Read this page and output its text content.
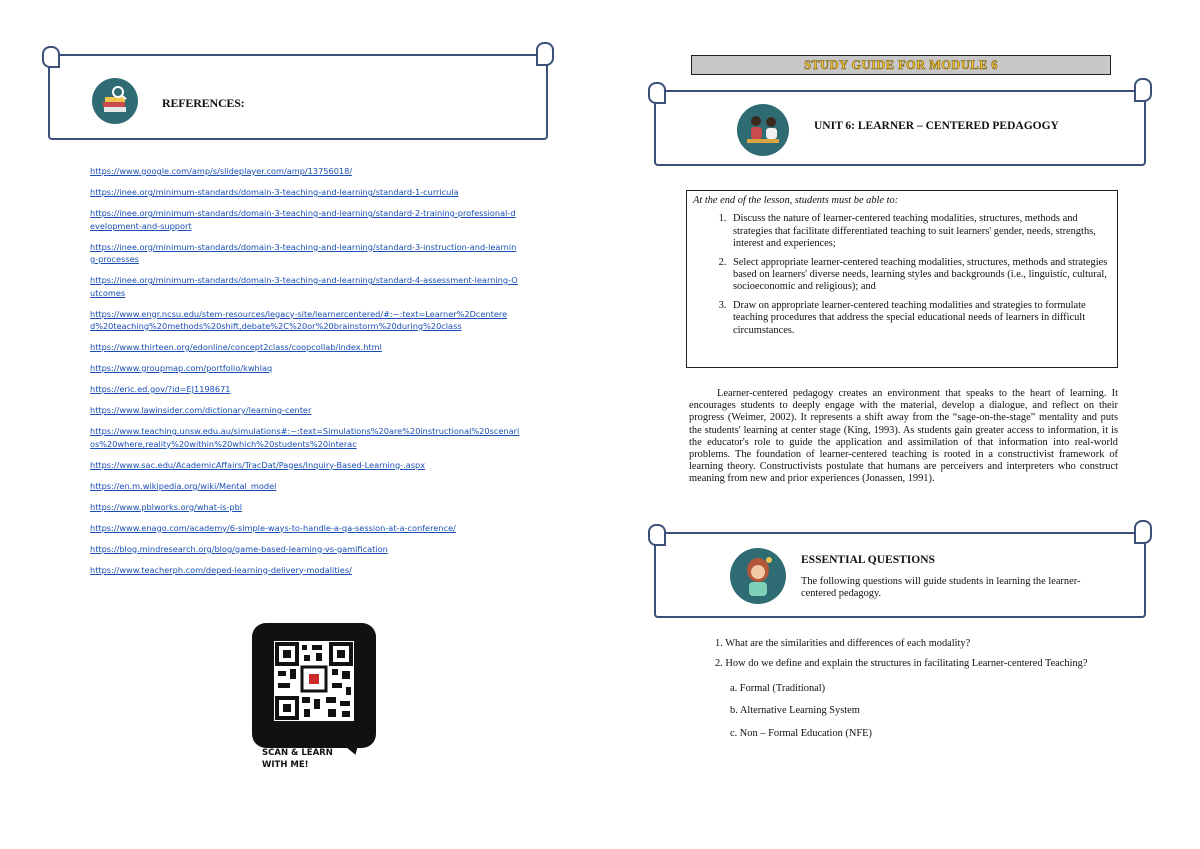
REFERENCES:
https://www.google.com/amp/s/slideplayer.com/amp/13756018/
https://inee.org/minimum-standards/domain-3-teaching-and-learning/standard-1-curricula
https://inee.org/minimum-standards/domain-3-teaching-and-learning/standard-2-training-professional-development-and-support
https://inee.org/minimum-standards/domain-3-teaching-and-learning/standard-3-instruction-and-learning-processes
https://inee.org/minimum-standards/domain-3-teaching-and-learning/standard-4-assessment-learning-Outcomes
https://www.engr.ncsu.edu/stem-resources/legacy-site/learnercentered/#:~:text=Learner%2Dcentered%20teaching%20methods%20shift,debate%2C%20or%20brainstorm%20during%20class
https://www.thirteen.org/edonline/concept2class/coopcollab/index.html
https://www.groupmap.com/portfolio/kwhlaq
https://eric.ed.gov/?id=EJ1198671
https://www.lawinsider.com/dictionary/learning-center
https://www.teaching.unsw.edu.au/simulations#:~:text=Simulations%20are%20instructional%20scenarios%20where,reality%20within%20which%20students%20interac
https://www.sac.edu/AcademicAffairs/TracDat/Pages/Inquiry-Based-Learning-.aspx
https://en.m.wikipedia.org/wiki/Mental_model
https://www.pblworks.org/what-is-pbl
https://www.enago.com/academy/6-simple-ways-to-handle-a-qa-session-at-a-conference/
https://blog.mindresearch.org/blog/game-based-learning-vs-gamification
https://www.teacherph.com/deped-learning-delivery-modalities/
SCAN & LEARN
WITH ME!
STUDY GUIDE FOR MODULE 6
UNIT 6: LEARNER – CENTERED PEDAGOGY
At the end of the lesson, students must be able to:
1. Discuss the nature of learner-centered teaching modalities, structures, methods and strategies that facilitate differentiated teaching to suit learners' gender, needs, strengths, interest and experiences;
2. Select appropriate learner-centered teaching modalities, structures, methods and strategies based on learners' diverse needs, learning styles and backgrounds (i.e., linguistic, cultural, socioeconomic and religious); and
3. Draw on appropriate learner-centered teaching modalities and strategies to formulate teaching procedures that address the special educational needs of learners in difficult circumstances.
Learner-centered pedagogy creates an environment that speaks to the heart of learning. It encourages students to deeply engage with the material, develop a dialogue, and reflect on their progress (Weimer, 2002). It represents a shift away from the “sage-on-the-stage” mentality and puts the students' learning at center stage (King, 1993). As students gain greater access to information, it is the educator's role to guide the application and assimilation of that information into real-world problems. The foundation of learner-centered teaching is rooted in a constructivist framework of learning theory. Constructivists postulate that humans are perceivers and interpreters who construct meaning from new and prior experiences (Jonassen, 1991).
ESSENTIAL QUESTIONS
The following questions will guide students in learning the learner-centered pedagogy.
1. What are the similarities and differences of each modality?
2. How do we define and explain the structures in facilitating Learner-centered Teaching?
a. Formal (Traditional)
b. Alternative Learning System
c. Non – Formal Education (NFE)
